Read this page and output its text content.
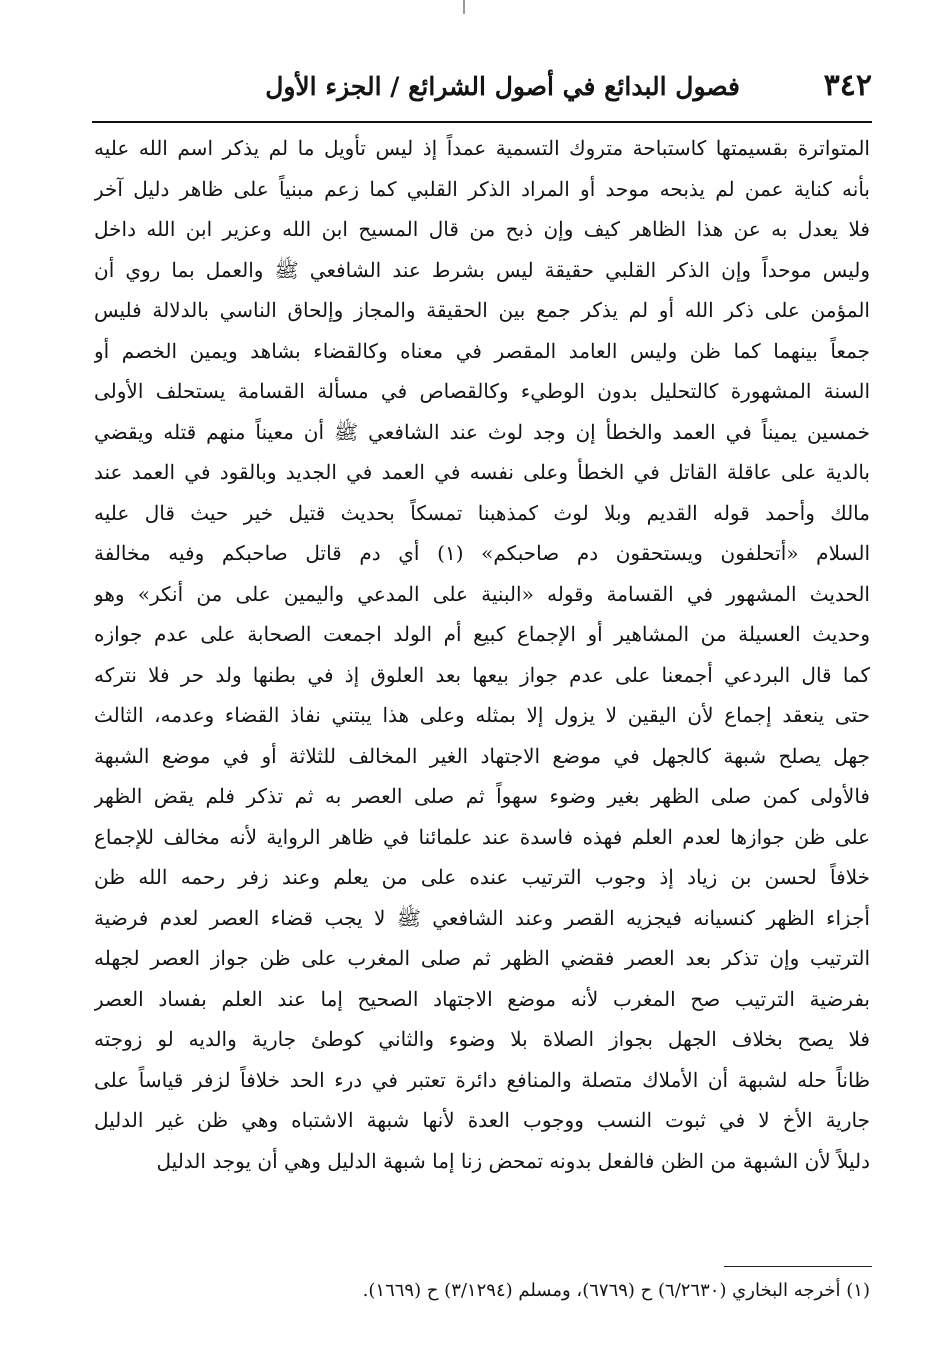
٣٤٢
فصول البدائع في أصول الشرائع / الجزء الأول
المتواترة بقسيمتها كاستباحة متروك التسمية عمداً إذ ليس تأويل ما لم يذكر اسم الله عليه
بأنه كناية عمن لم يذبحه موحد أو المراد الذكر القلبي كما زعم مبنياً على ظاهر دليل آخر
فلا يعدل به عن هذا الظاهر كيف وإن ذبح من قال المسيح ابن الله وعزير ابن الله داخل
وليس موحداً وإن الذكر القلبي حقيقة ليس بشرط عند الشافعي ﷺ والعمل بما روي أن
المؤمن على ذكر الله أو لم يذكر جمع بين الحقيقة والمجاز وإلحاق الناسي بالدلالة فليس
جمعاً بينهما كما ظن وليس العامد المقصر في معناه وكالقضاء بشاهد ويمين الخصم أو
السنة المشهورة كالتحليل بدون الوطيء وكالقصاص في مسألة القسامة يستحلف الأولى
خمسين يميناً في العمد والخطأ إن وجد لوث عند الشافعي ﷺ أن معيناً منهم قتله ويقضي
بالدية على عاقلة القاتل في الخطأ وعلى نفسه في العمد في الجديد وبالقود في العمد عند
مالك وأحمد قوله القديم وبلا لوث كمذهبنا تمسكاً بحديث قتيل خير حيث قال عليه
السلام «أتحلفون ويستحقون دم صاحبكم» (١) أي دم قاتل صاحبكم وفيه مخالفة
الحديث المشهور في القسامة وقوله «البنية على المدعي واليمين على من أنكر» وهو
وحديث العسيلة من المشاهير أو الإجماع كبيع أم الولد اجمعت الصحابة على عدم جوازه
كما قال البردعي أجمعنا على عدم جواز بيعها بعد العلوق إذ في بطنها ولد حر فلا نتركه
حتى ينعقد إجماع لأن اليقين لا يزول إلا بمثله وعلى هذا يبتني نفاذ القضاء وعدمه، الثالث
جهل يصلح شبهة كالجهل في موضع الاجتهاد الغير المخالف للثلاثة أو في موضع الشبهة
فالأولى كمن صلى الظهر بغير وضوء سهواً ثم صلى العصر به ثم تذكر فلم يقض الظهر
على ظن جوازها لعدم العلم فهذه فاسدة عند علمائنا في ظاهر الرواية لأنه مخالف للإجماع
خلافاً لحسن بن زياد إذ وجوب الترتيب عنده على من يعلم وعند زفر رحمه الله ظن
أجزاء الظهر كنسيانه فيجزيه القصر وعند الشافعي ﷺ لا يجب قضاء العصر لعدم فرضية
الترتيب وإن تذكر بعد العصر فقضي الظهر ثم صلى المغرب على ظن جواز العصر لجهله
بفرضية الترتيب صح المغرب لأنه موضع الاجتهاد الصحيح إما عند العلم بفساد العصر
فلا يصح بخلاف الجهل بجواز الصلاة بلا وضوء والثاني كوطئ جارية والديه لو زوجته
ظاناً حله لشبهة أن الأملاك متصلة والمنافع دائرة تعتبر في درء الحد خلافاً لزفر قياساً على
جارية الأخ لا في ثبوت النسب ووجوب العدة لأنها شبهة الاشتباه وهي ظن غير الدليل
دليلاً لأن الشبهة من الظن فالفعل بدونه تمحض زنا إما شبهة الدليل وهي أن يوجد الدليل
(١) أخرجه البخاري (٦/٢٦٣٠) ح (٦٧٦٩)، ومسلم (٣/١٢٩٤) ح (١٦٦٩).
